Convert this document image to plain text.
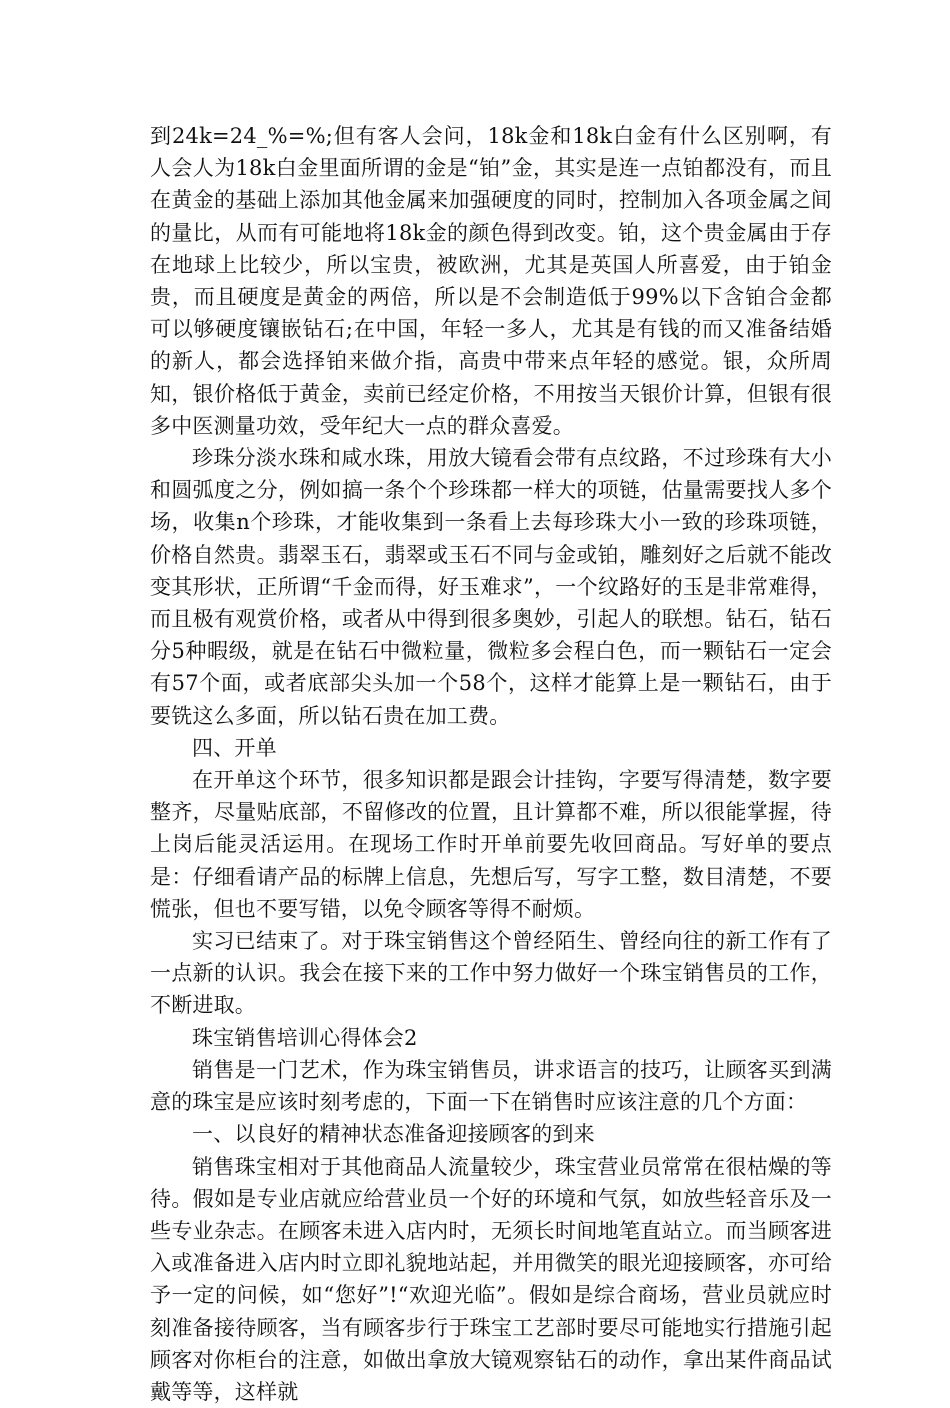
到24k=24_%=%;但有客人会问，18k金和18k白金有什么区别啊，有人会人为18k白金里面所谓的金是“铂”金，其实是连一点铂都没有，而且在黄金的基础上添加其他金属来加强硬度的同时，控制加入各项金属之间的量比，从而有可能地将18k金的颜色得到改变。铂，这个贵金属由于存在地球上比较少，所以宝贵，被欧洲，尤其是英国人所喜爱，由于铂金贵，而且硬度是黄金的两倍，所以是不会制造低于99%以下含铂合金都可以够硬度镶嵌钻石;在中国，年轻一多人，尤其是有钱的而又准备结婚的新人，都会选择铂来做介指，高贵中带来点年轻的感觉。银，众所周知，银价格低于黄金，卖前已经定价格，不用按当天银价计算，但银有很多中医测量功效，受年纪大一点的群众喜爱。

珍珠分淡水珠和咸水珠，用放大镜看会带有点纹路，不过珍珠有大小和圆弧度之分，例如搞一条个个珍珠都一样大的项链，估量需要找人多个场，收集n个珍珠，才能收集到一条看上去每珍珠大小一致的珍珠项链，价格自然贵。翡翠玉石，翡翠或玉石不同与金或铂，雕刻好之后就不能改变其形状，正所谓“千金而得，好玉难求”，一个纹路好的玉是非常难得，而且极有观赏价格，或者从中得到很多奥妙，引起人的联想。钻石，钻石分5种暇级，就是在钻石中微粒量，微粒多会程白色，而一颗钻石一定会有57个面，或者底部尖头加一个58个，这样才能算上是一颗钻石，由于要铣这么多面，所以钻石贵在加工费。

四、开单

在开单这个环节，很多知识都是跟会计挂钩，字要写得清楚，数字要整齐，尽量贴底部，不留修改的位置，且计算都不难，所以很能掌握，待上岗后能灵活运用。在现场工作时开单前要先收回商品。写好单的要点是：仔细看请产品的标牌上信息，先想后写，写字工整，数目清楚，不要慌张，但也不要写错，以免令顾客等得不耐烦。

实习已结束了。对于珠宝销售这个曾经陌生、曾经向往的新工作有了一点新的认识。我会在接下来的工作中努力做好一个珠宝销售员的工作，不断进取。

珠宝销售培训心得体会2

销售是一门艺术，作为珠宝销售员，讲求语言的技巧，让顾客买到满意的珠宝是应该时刻考虑的，下面一下在销售时应该注意的几个方面：

一、以良好的精神状态准备迎接顾客的到来

销售珠宝相对于其他商品人流量较少，珠宝营业员常常在很枯燥的等待。假如是专业店就应给营业员一个好的环境和气氛，如放些轻音乐及一些专业杂志。在顾客未进入店内时，无须长时间地笔直站立。而当顾客进入或准备进入店内时立即礼貌地站起，并用微笑的眼光迎接顾客，亦可给予一定的问候，如“您好”!“欢迎光临”。假如是综合商场，营业员就应时刻准备接待顾客，当有顾客步行于珠宝工艺部时要尽可能地实行措施引起顾客对你柜台的注意，如做出拿放大镜观察钻石的动作，拿出某件商品试戴等等，这样就
